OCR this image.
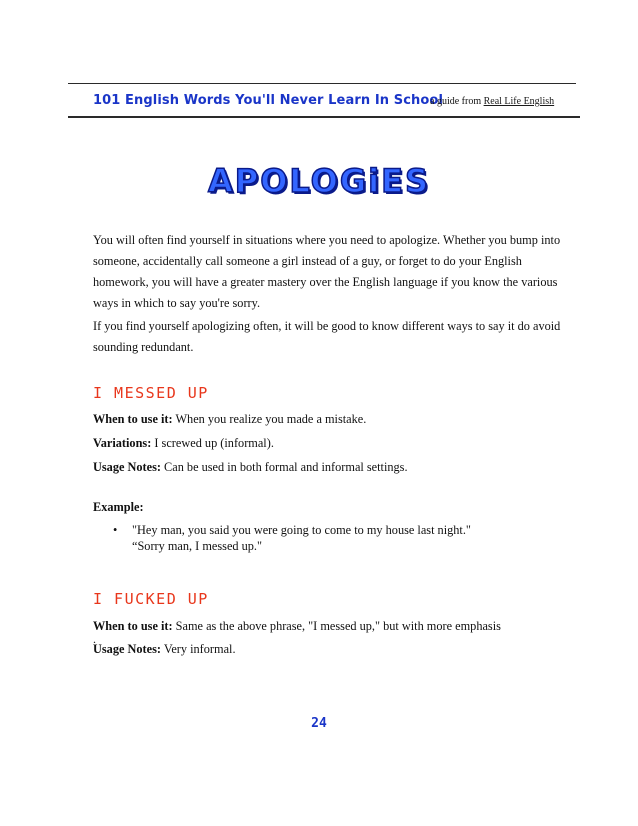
101 English Words You'll Never Learn In School
a guide from Real Life English
APOLOGiES
You will often find yourself in situations where you need to apologize. Whether you bump into someone, accidentally call someone a girl instead of a guy, or forget to do your English homework, you will have a greater mastery over the English language if you know the various ways in which to say you're sorry.
If you find yourself apologizing often, it will be good to know different ways to say it do avoid sounding redundant.
I MESSED UP
When to use it: When you realize you made a mistake.
Variations: I screwed up (informal).
Usage Notes: Can be used in both formal and informal settings.
Example:
• "Hey man, you said you were going to come to my house last night."
“Sorry man, I messed up."
I FUCKED UP
When to use it: Same as the above phrase, "I messed up," but with more emphasis
.
Usage Notes: Very informal.
24
